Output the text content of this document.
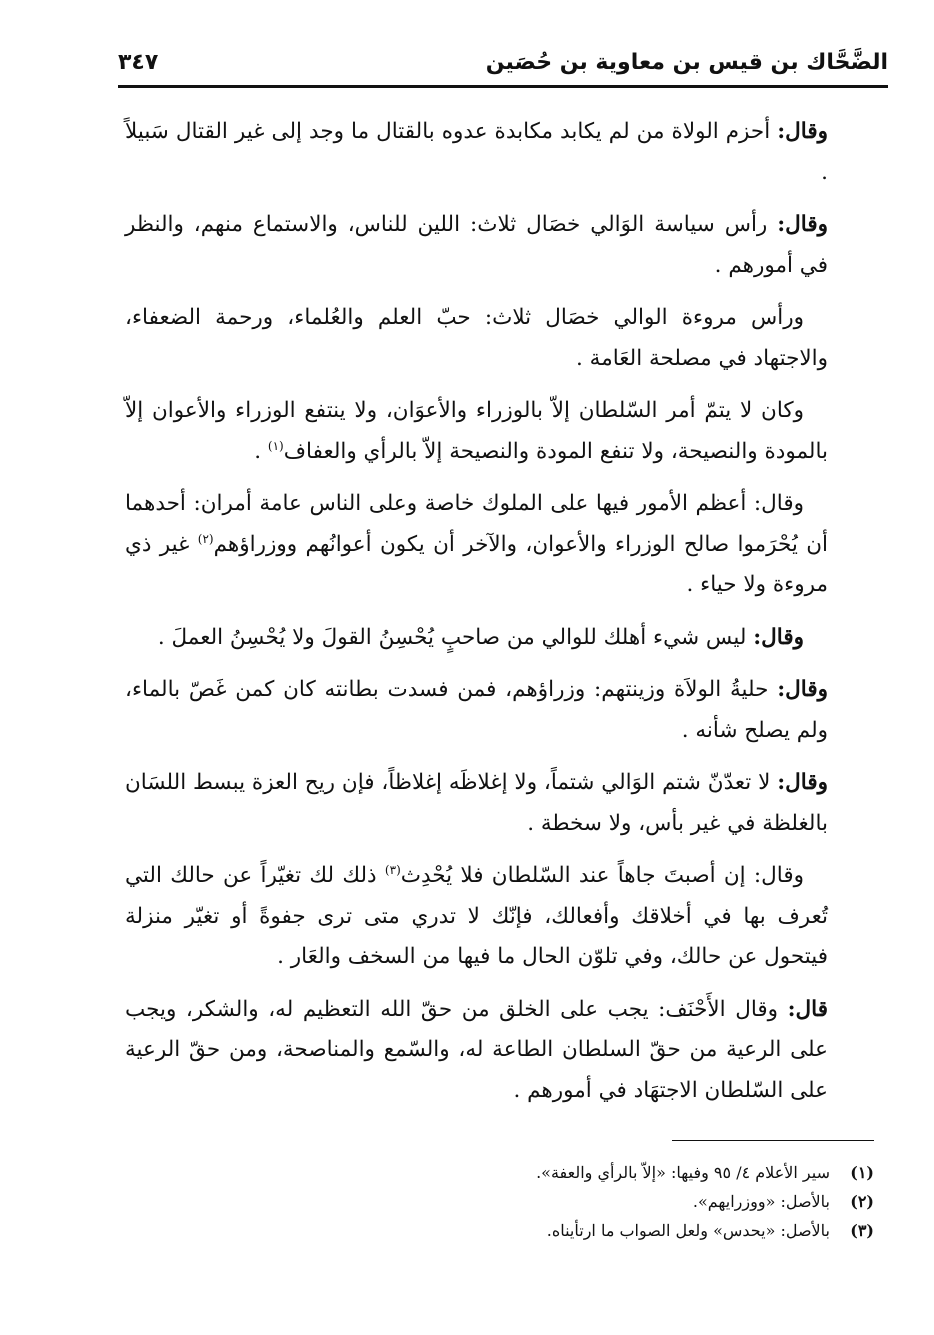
الضَّحَّاك بن قيس بن معاوية بن حُصَين
٣٤٧

وقال: أحزم الولاة من لم يكابد مكابدة عدوه بالقتال ما وجد إلى غير القتال سَبيلاً .

وقال: رأس سياسة الوَالي خصَال ثلاث: اللين للناس، والاستماع منهم، والنظر في أمورهم .

ورأس مروءة الوالي خصَال ثلاث: حبّ العلم والعُلماء، ورحمة الضعفاء، والاجتهاد في مصلحة العَامة .

وكان لا يتمّ أمر السّلطان إلاّ بالوزراء والأعوَان، ولا ينتفع الوزراء والأعوان إلاّ بالمودة والنصيحة، ولا تنفع المودة والنصيحة إلاّ بالرأي والعفاف$^{(١)}$ .

وقال: أعظم الأمور فيها على الملوك خاصة وعلى الناس عامة أمران: أحدهما أن يُحْرَموا صالح الوزراء والأعوان، والآخر أن يكون أعوانُهم ووزراؤهم$^{(٢)}$ غير ذي مروءة ولا حياء .

وقال: ليس شيء أهلك للوالي من صاحبٍ يُحْسِنُ القولَ ولا يُحْسِنُ العملَ .

وقال: حليةُ الولاَة وزينتهم: وزراؤهم، فمن فسدت بطانته كان كمن غَصّ بالماء، ولم يصلح شأنه .

وقال: لا تعدّنّ شتم الوَالي شتماً، ولا إغلاظَه إغلاظاً، فإن ريح العزة يبسط اللسَان بالغلظة في غير بأس، ولا سخطة .

وقال: إن أصبتَ جاهاً عند السّلطان فلا يُحْدِث$^{(٣)}$ ذلك لك تغيّراً عن حالك التي تُعرف بها في أخلاقك وأفعالك، فإنّك لا تدري متى ترى جفوةً أو تغيّر منزلة فيتحول عن حالك، وفي تلوّن الحال ما فيها من السخف والعَار .

قال: وقال الأَحْنَف: يجب على الخلق من حقّ الله التعظيم له، والشكر، ويجب على الرعية من حقّ السلطان الطاعة له، والسّمع والمناصحة، ومن حقّ الرعية على السّلطان الاجتهَاد في أمورهم .

(١)سير الأعلام ٤/ ٩٥ وفيها: «إلاّ بالرأي والعفة».
(٢)بالأصل: «ووزرايهم».
(٣)بالأصل: «يحدس» ولعل الصواب ما ارتأيناه.
